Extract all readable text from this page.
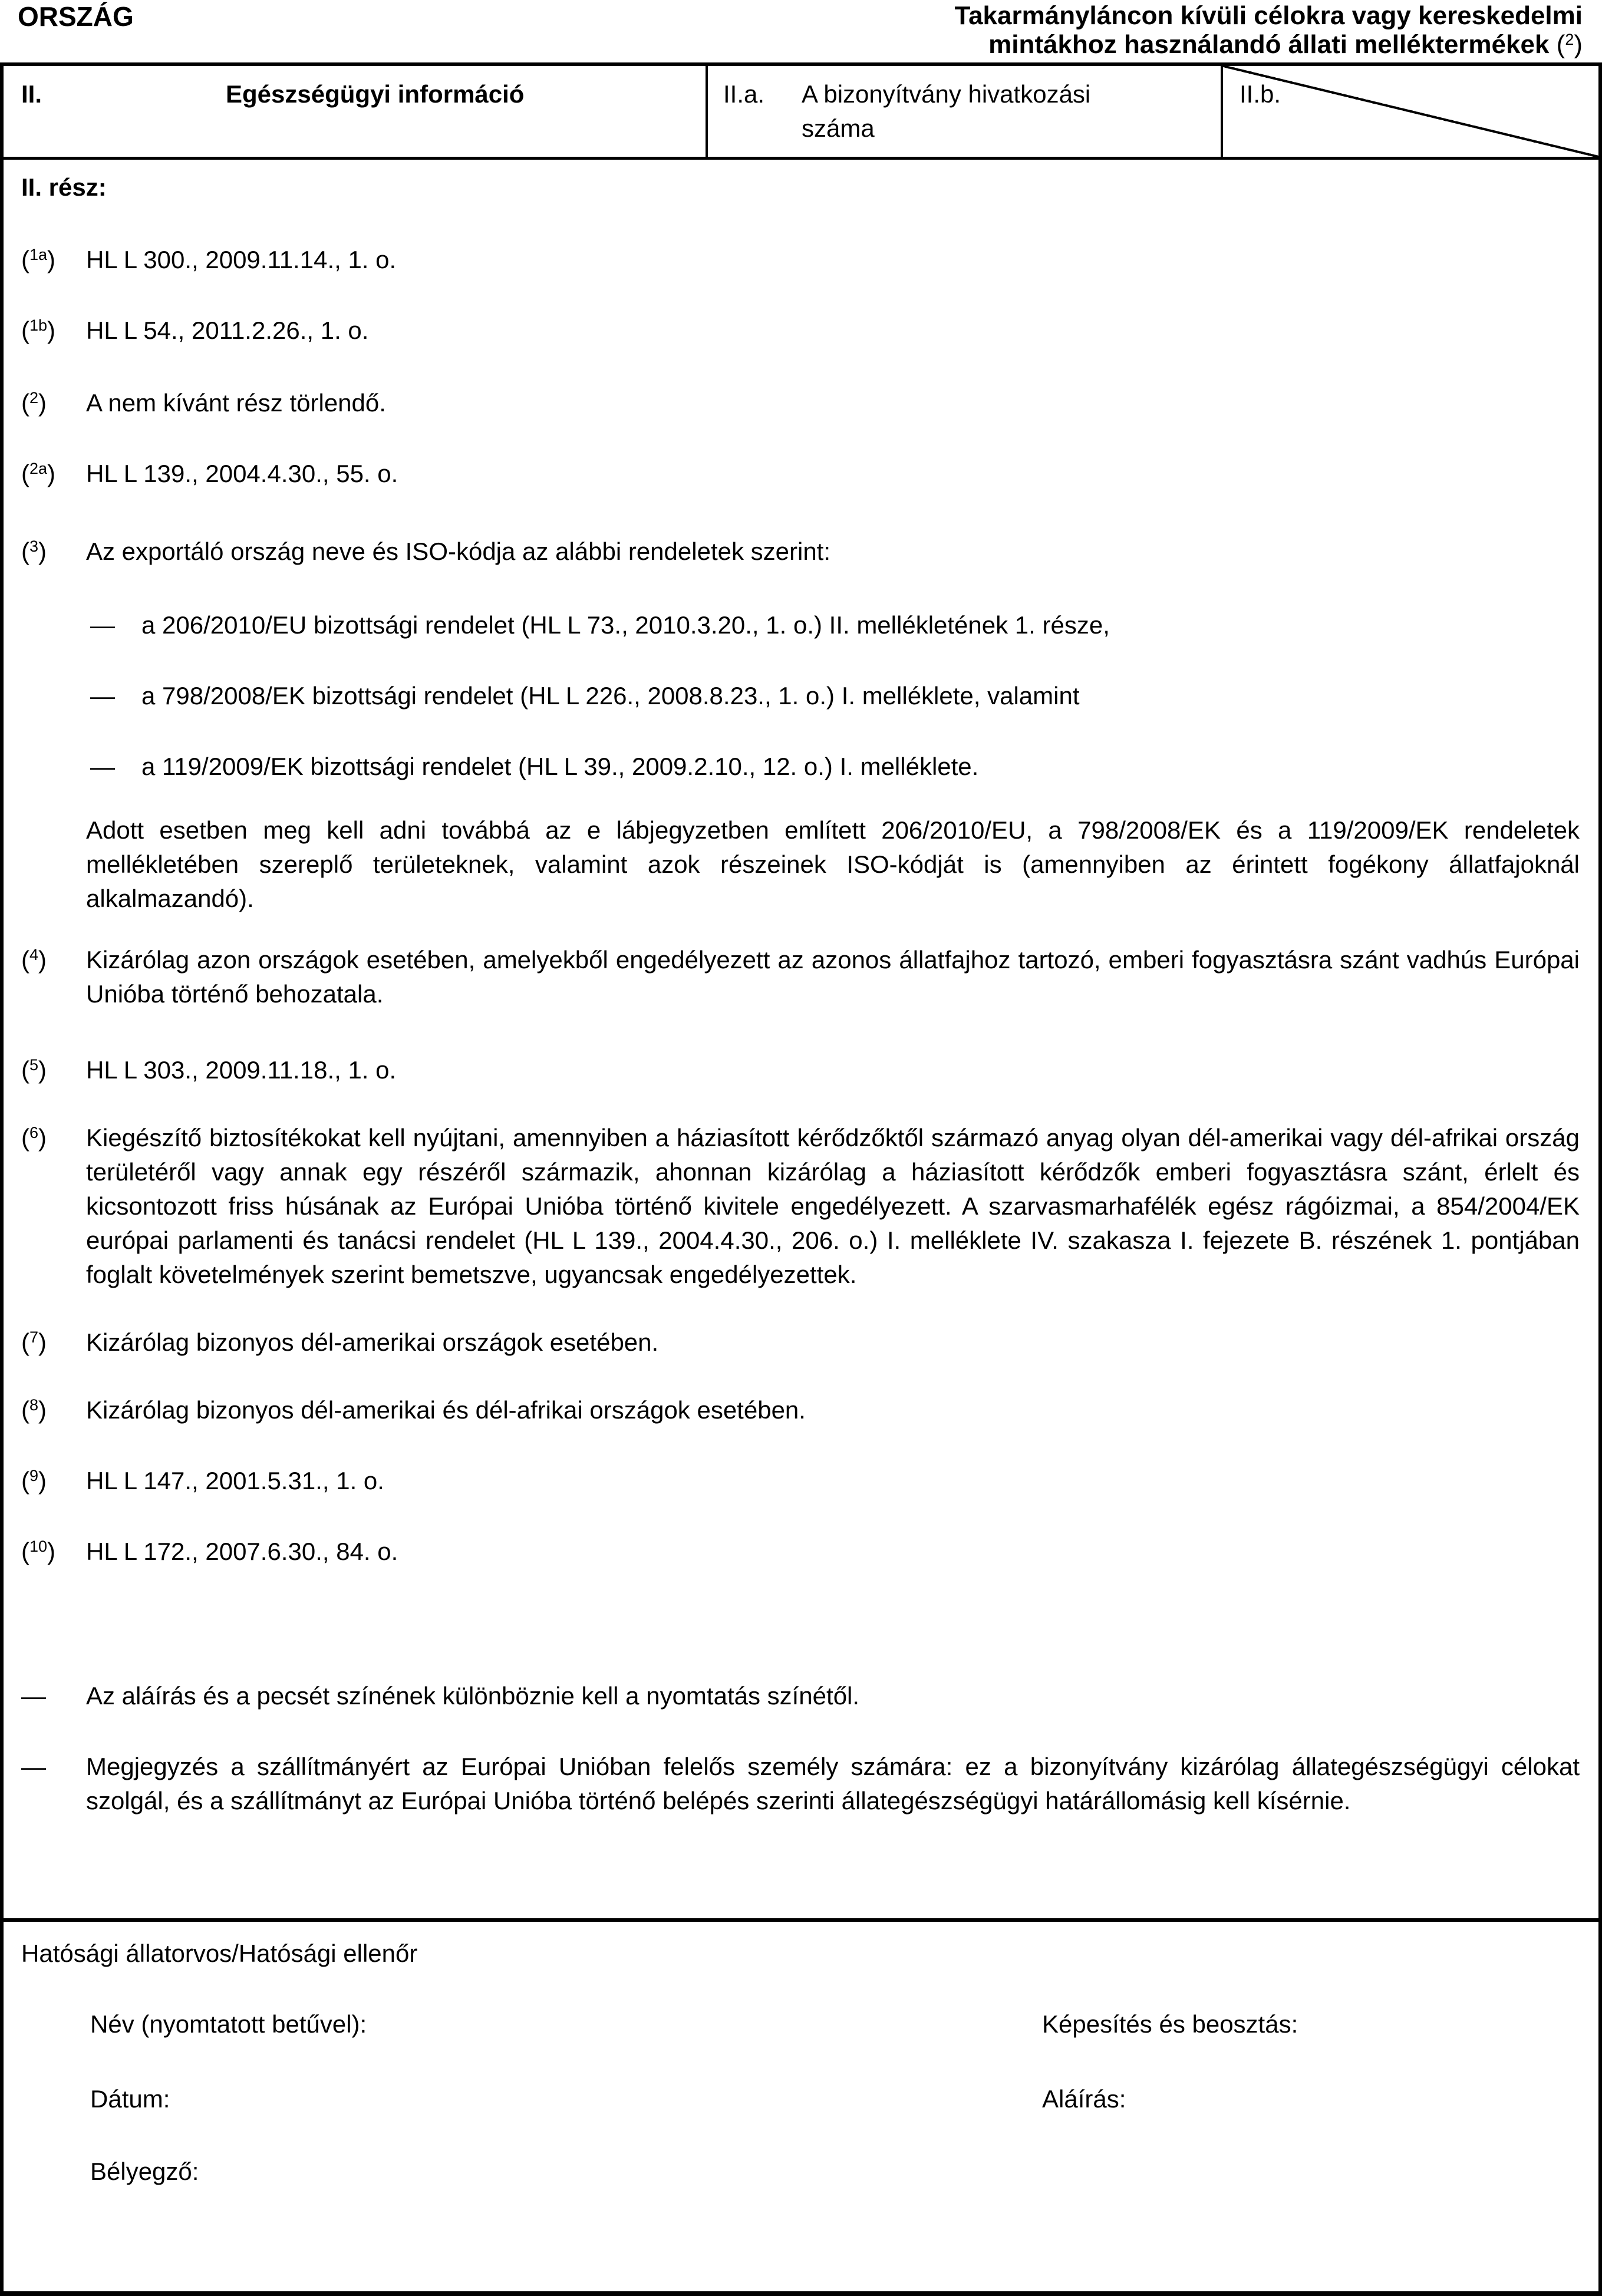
ORSZÁG	Takarmányláncon kívüli célokra vagy kereskedelmi
mintákhoz használandó állati melléktermékek ($^2$)
II.	Egészségügyi információ	II.a.	A bizonyítvány hivatkozási száma
II.b.
II. rész:
($^{1a}$)	HL L 300., 2009.11.14., 1. o.
($^{1b}$)	HL L 54., 2011.2.26., 1. o.
($^2$)	A nem kívánt rész törlendő.
($^{2a}$)	HL L 139., 2004.4.30., 55. o.
($^3$)	Az exportáló ország neve és ISO-kódja az alábbi rendeletek szerint:
—	a 206/2010/EU bizottsági rendelet (HL L 73., 2010.3.20., 1. o.) II. mellékletének 1. része,
—	a 798/2008/EK bizottsági rendelet (HL L 226., 2008.8.23., 1. o.) I. melléklete, valamint
—	a 119/2009/EK bizottsági rendelet (HL L 39., 2009.2.10., 12. o.) I. melléklete.
Adott esetben meg kell adni továbbá az e lábjegyzetben említett 206/2010/EU, a 798/2008/EK és a 119/2009/EK rendeletek mellékletében szereplő területeknek, valamint azok részeinek ISO-kódját is (amennyiben az érintett fogékony állatfajoknál alkalmazandó).
($^4$)	Kizárólag azon országok esetében, amelyekből engedélyezett az azonos állatfajhoz tartozó, emberi fogyasztásra szánt vadhús Európai Unióba történő behozatala.
($^5$)	HL L 303., 2009.11.18., 1. o.
($^6$)	Kiegészítő biztosítékokat kell nyújtani, amennyiben a háziasított kérődzőktől származó anyag olyan dél-amerikai vagy dél-afrikai ország területéről vagy annak egy részéről származik, ahonnan kizárólag a háziasított kérődzők emberi fogyasztásra szánt, érlelt és kicsontozott friss húsának az Európai Unióba történő kivitele engedélyezett. A szarvasmarhafélék egész rágóizmai, a 854/2004/EK európai parlamenti és tanácsi rendelet (HL L 139., 2004.4.30., 206. o.) I. melléklete IV. szakasza I. fejezete B. részének 1. pontjában foglalt követelmények szerint bemetszve, ugyancsak engedélyezettek.
($^7$)	Kizárólag bizonyos dél-amerikai országok esetében.
($^8$)	Kizárólag bizonyos dél-amerikai és dél-afrikai országok esetében.
($^9$)	HL L 147., 2001.5.31., 1. o.
($^{10}$)	HL L 172., 2007.6.30., 84. o.
—	Az aláírás és a pecsét színének különböznie kell a nyomtatás színétől.
—	Megjegyzés a szállítmányért az Európai Unióban felelős személy számára: ez a bizonyítvány kizárólag állategészségügyi célokat szolgál, és a szállítmányt az Európai Unióba történő belépés szerinti állategészségügyi határállomásig kell kísérnie.
Hatósági állatorvos/Hatósági ellenőr
Név (nyomtatott betűvel):	Képesítés és beosztás:
Dátum:	Aláírás:
Bélyegző:
